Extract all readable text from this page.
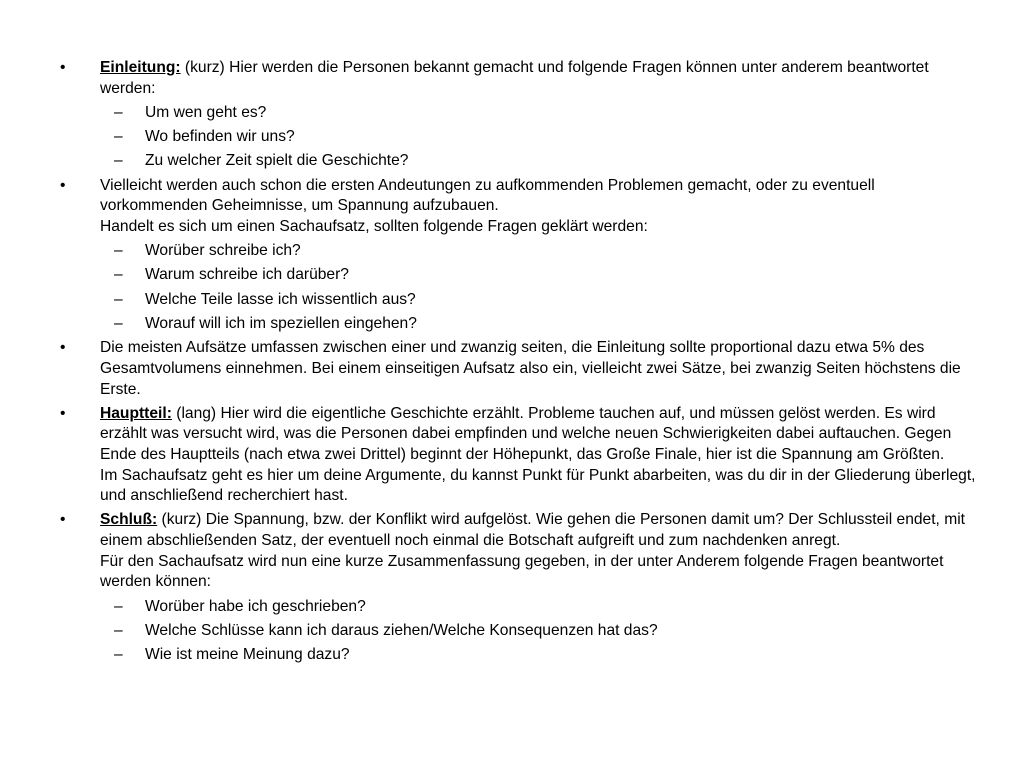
•	Einleitung: (kurz) Hier werden die Personen bekannt gemacht und folgende Fragen können unter anderem beantwortet werden:
– Um wen geht es?
– Wo befinden wir uns?
– Zu welcher Zeit spielt die Geschichte?
•	Vielleicht werden auch schon die ersten Andeutungen zu aufkommenden Problemen gemacht, oder zu eventuell vorkommenden Geheimnisse, um Spannung aufzubauen.
Handelt es sich um einen Sachaufsatz, sollten folgende Fragen geklärt werden:
– Worüber schreibe ich?
– Warum schreibe ich darüber?
– Welche Teile lasse ich wissentlich aus?
– Worauf will ich im speziellen eingehen?
•	Die meisten Aufsätze umfassen zwischen einer und zwanzig seiten, die Einleitung sollte proportional dazu etwa 5% des Gesamtvolumens einnehmen. Bei einem einseitigen Aufsatz also ein, vielleicht zwei Sätze, bei zwanzig Seiten höchstens die Erste.
•	Hauptteil: (lang) Hier wird die eigentliche Geschichte erzählt. Probleme tauchen auf, und müssen gelöst werden. Es wird erzählt was versucht wird, was die Personen dabei empfinden und welche neuen Schwierigkeiten dabei auftauchen. Gegen Ende des Hauptteils (nach etwa zwei Drittel) beginnt der Höhepunkt, das Große Finale, hier ist die Spannung am Größten.
Im Sachaufsatz geht es hier um deine Argumente, du kannst Punkt für Punkt abarbeiten, was du dir in der Gliederung überlegt, und anschließend recherchiert hast.
•	Schluß: (kurz) Die Spannung, bzw. der Konflikt wird aufgelöst. Wie gehen die Personen damit um? Der Schlussteil endet, mit einem abschließenden Satz, der eventuell noch einmal die Botschaft aufgreift und zum nachdenken anregt.
Für den Sachaufsatz wird nun eine kurze Zusammenfassung gegeben, in der unter Anderem folgende Fragen beantwortet werden können:
– Worüber habe ich geschrieben?
– Welche Schlüsse kann ich daraus ziehen/Welche Konsequenzen hat das?
– Wie ist meine Meinung dazu?
